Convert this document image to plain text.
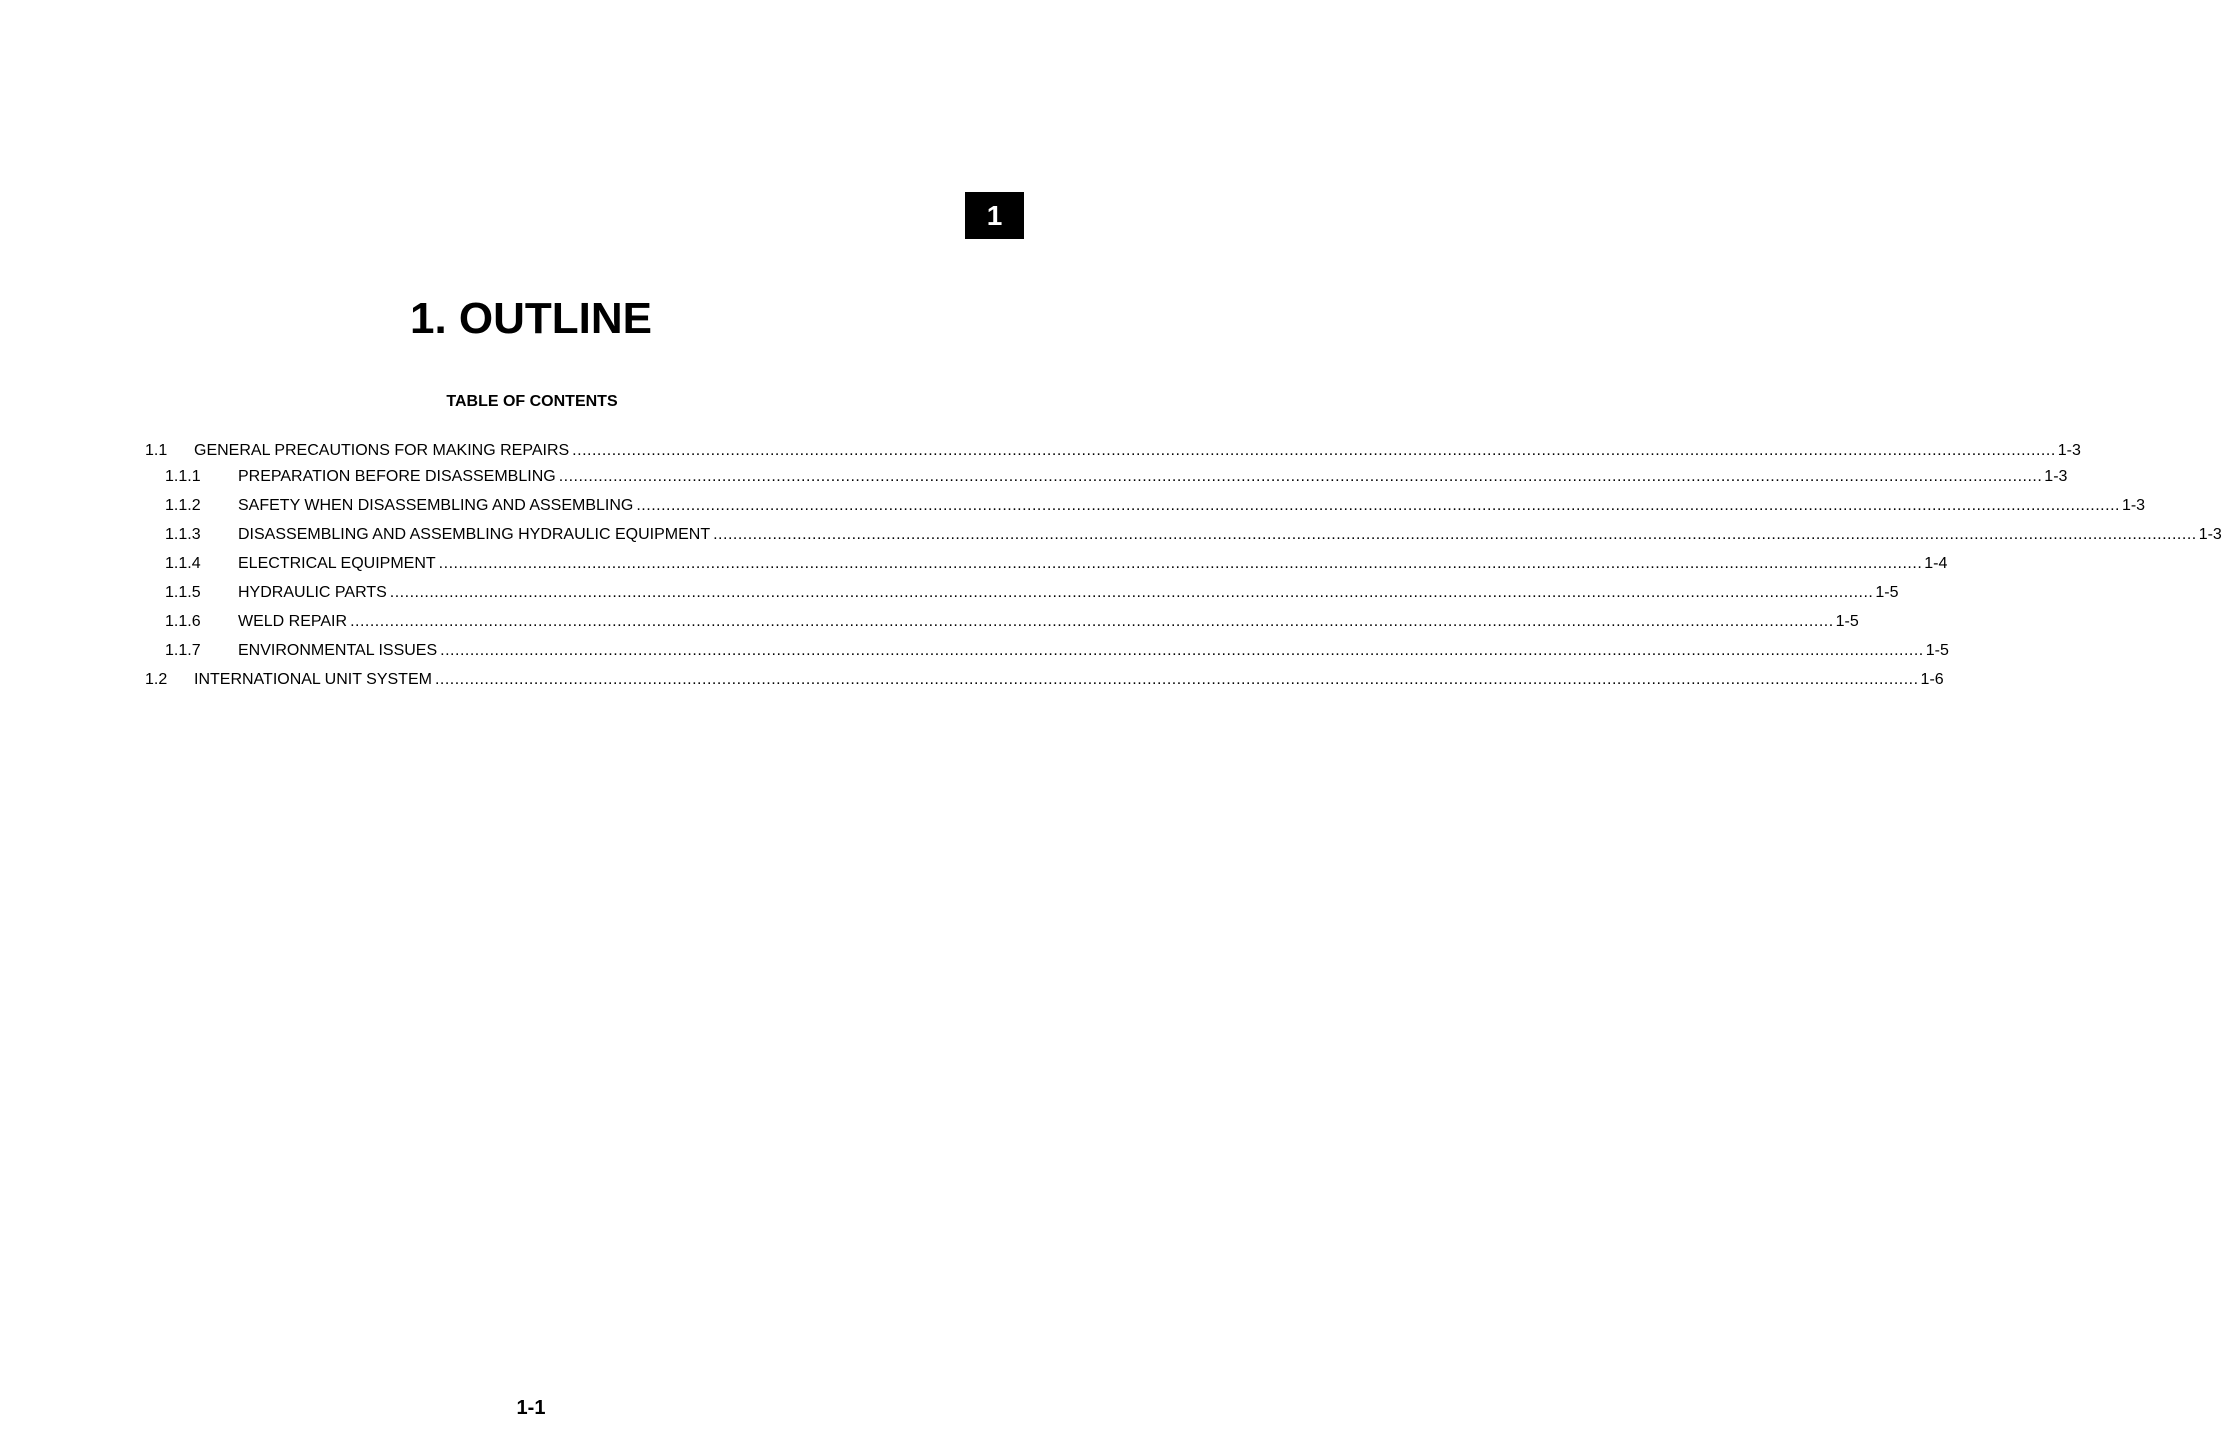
1
1. OUTLINE
TABLE OF CONTENTS
1.1	GENERAL PRECAUTIONS FOR MAKING REPAIRS ............................................................................................................................................................................................................................................................................................................ 1-3
1.1.1	PREPARATION BEFORE DISASSEMBLING ............................................................................................................................................................................................................................................................................................................ 1-3
1.1.2	SAFETY WHEN DISASSEMBLING AND ASSEMBLING ............................................................................................................................................................................................................................................................................................................ 1-3
1.1.3	DISASSEMBLING AND ASSEMBLING HYDRAULIC EQUIPMENT ............................................................................................................................................................................................................................................................................................................ 1-3
1.1.4	ELECTRICAL EQUIPMENT ............................................................................................................................................................................................................................................................................................................ 1-4
1.1.5	HYDRAULIC PARTS ............................................................................................................................................................................................................................................................................................................ 1-5
1.1.6	WELD REPAIR ............................................................................................................................................................................................................................................................................................................ 1-5
1.1.7	ENVIRONMENTAL ISSUES ............................................................................................................................................................................................................................................................................................................ 1-5
1.2	INTERNATIONAL UNIT SYSTEM ............................................................................................................................................................................................................................................................................................................ 1-6
1-1
